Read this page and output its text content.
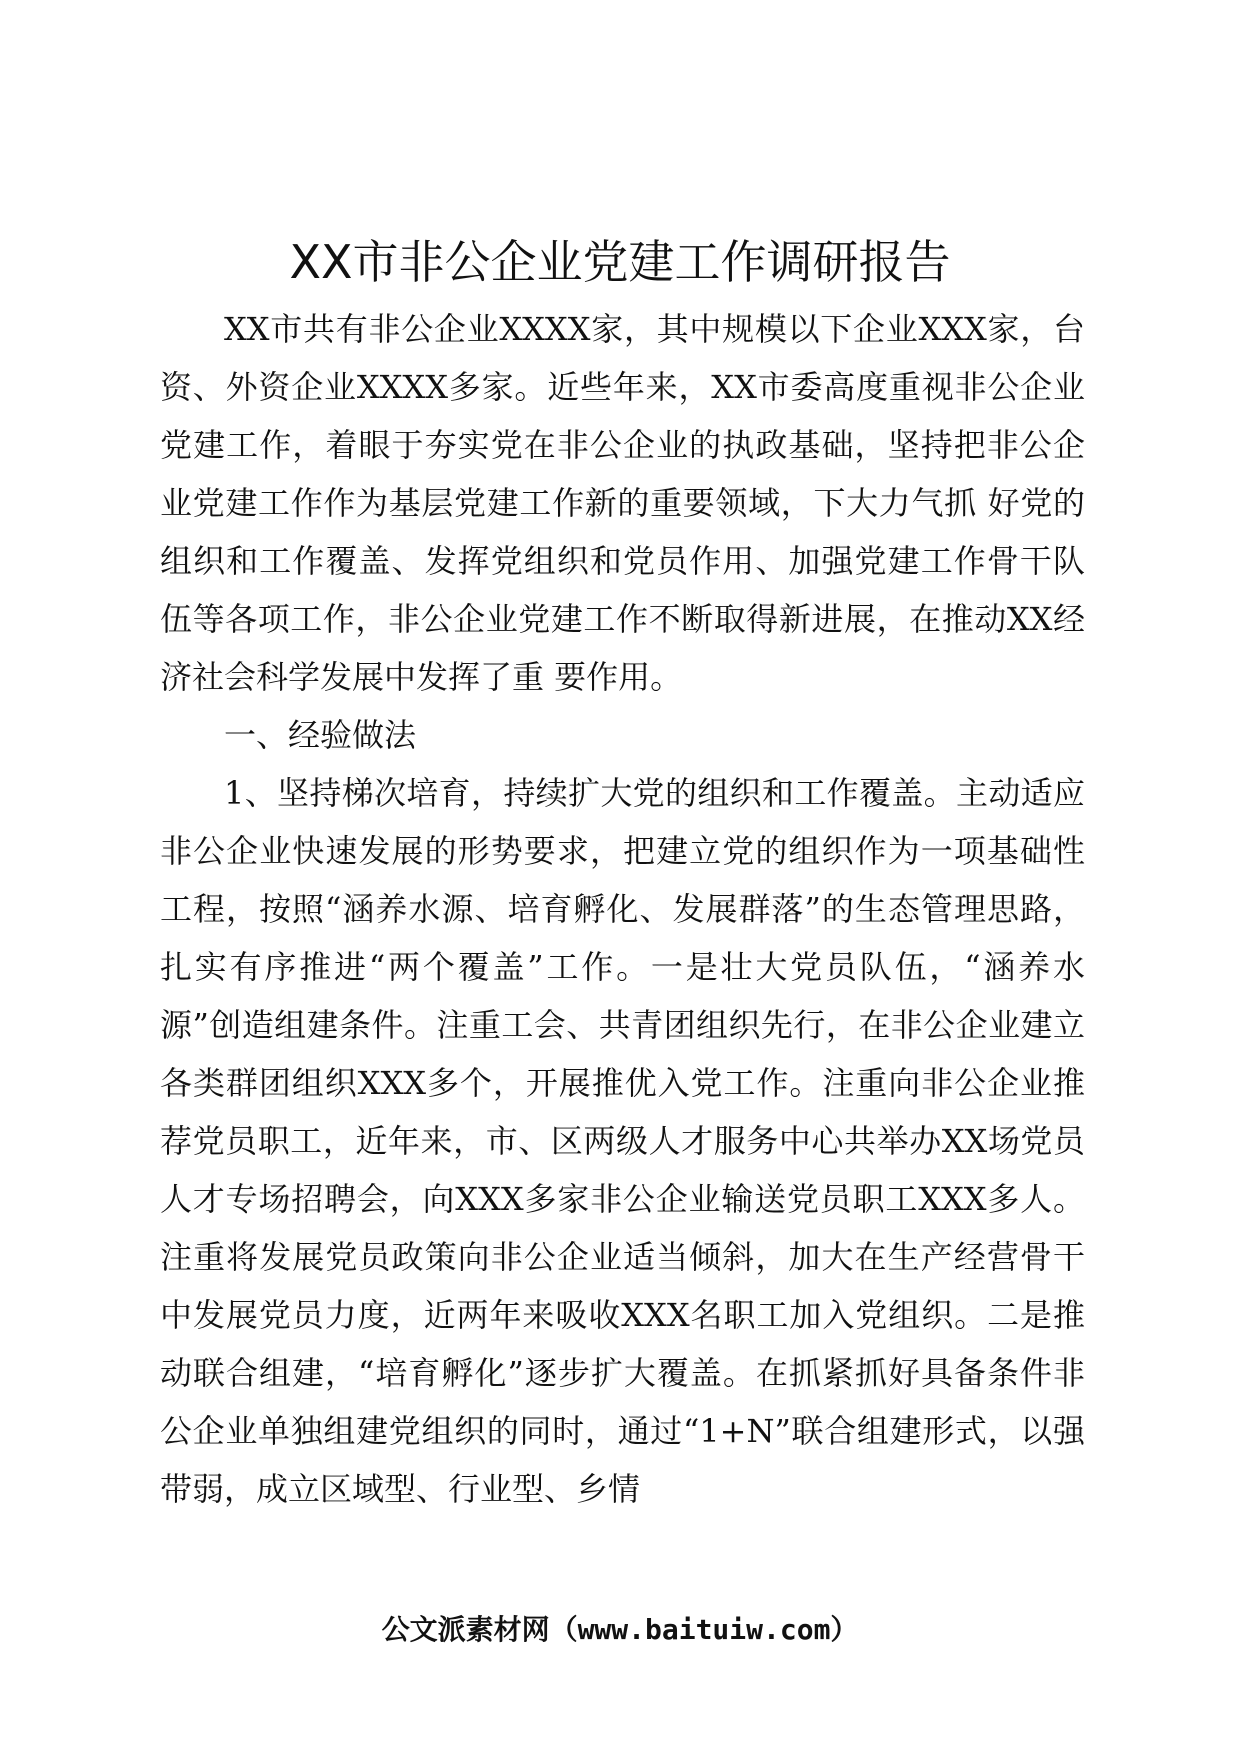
XX市非公企业党建工作调研报告

XX市共有非公企业XXXX家，其中规模以下企业XXX家，台资、外资企业XXXX多家。近些年来，XX市委高度重视非公企业党建工作，着眼于夯实党在非公企业的执政基础，坚持把非公企业党建工作作为基层党建工作新的重要领域，下大力气抓 好党的组织和工作覆盖、发挥党组织和党员作用、加强党建工作骨干队伍等各项工作，非公企业党建工作不断取得新进展，在推动XX经济社会科学发展中发挥了重 要作用。

一、经验做法

1、坚持梯次培育，持续扩大党的组织和工作覆盖。主动适应非公企业快速发展的形势要求，把建立党的组织作为一项基础性工程，按照“涵养水源、培育孵化、发展群落”的生态管理思路，扎实有序推进“两个覆盖”工作。一是壮大党员队伍，“涵养水源”创造组建条件。注重工会、共青团组织先行，在非公企业建立各类群团组织XXX多个，开展推优入党工作。注重向非公企业推荐党员职工，近年来，市、区两级人才服务中心共举办XX场党员人才专场招聘会，向XXX多家非公企业输送党员职工XXX多人。注重将发展党员政策向非公企业适当倾斜，加大在生产经营骨干中发展党员力度，近两年来吸收XXX名职工加入党组织。二是推动联合组建，“培育孵化”逐步扩大覆盖。在抓紧抓好具备条件非公企业单独组建党组织的同时，通过“1+N”联合组建形式，以强带弱，成立区域型、行业型、乡情

公文派素材网（www.baituiw.com）
